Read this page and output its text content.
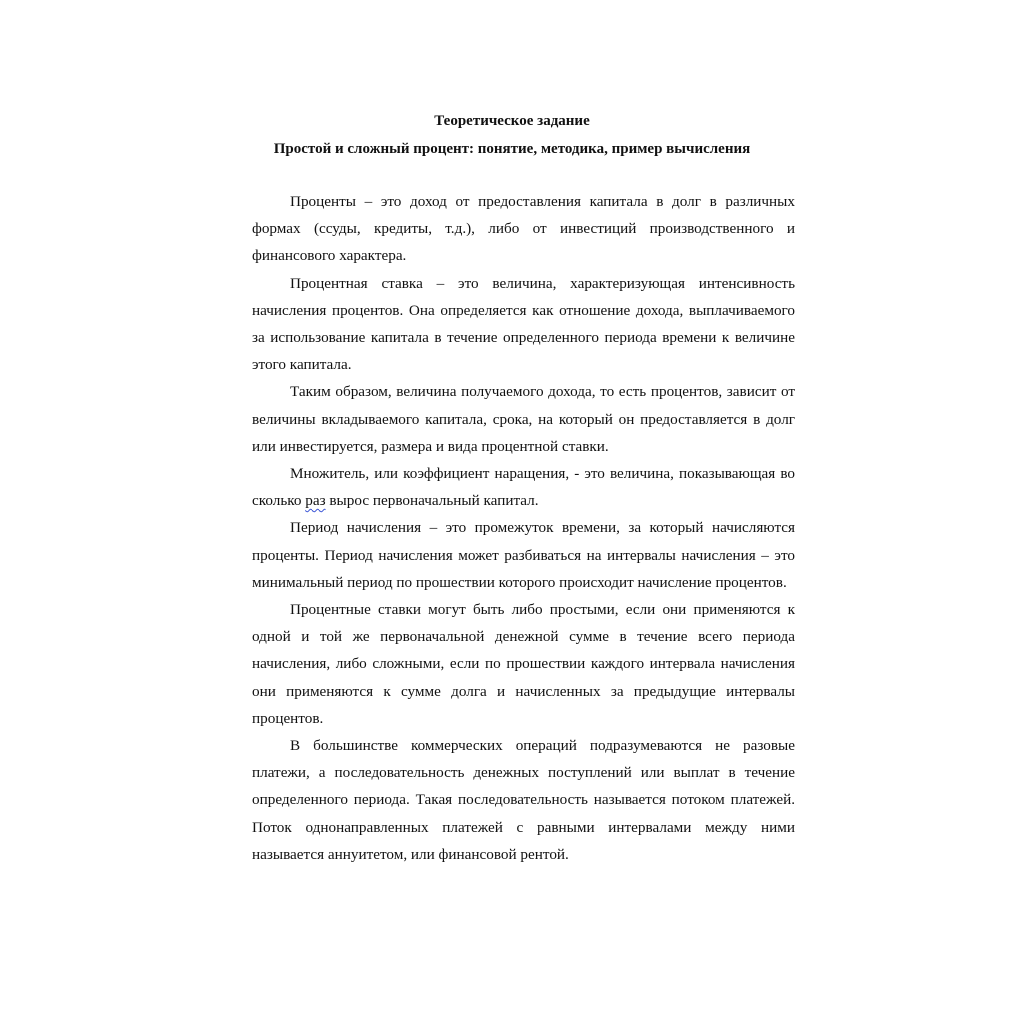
Теоретическое задание
Простой и сложный процент: понятие, методика, пример вычисления

Проценты – это доход от предоставления капитала в долг в различных формах (ссуды, кредиты, т.д.), либо от инвестиций производственного и финансового характера.

Процентная ставка – это величина, характеризующая интенсивность начисления процентов. Она определяется как отношение дохода, выплачиваемого за использование капитала в течение определенного периода времени к величине этого капитала.

Таким образом, величина получаемого дохода, то есть процентов, зависит от величины вкладываемого капитала, срока, на который он предоставляется в долг или инвестируется, размера и вида процентной ставки.

Множитель, или коэффициент наращения, - это величина, показывающая во сколько раз вырос первоначальный капитал.

Период начисления – это промежуток времени, за который начисляются проценты. Период начисления может разбиваться на интервалы начисления – это минимальный период по прошествии которого происходит начисление процентов.

Процентные ставки могут быть либо простыми, если они применяются к одной и той же первоначальной денежной сумме в течение всего периода начисления, либо сложными, если по прошествии каждого интервала начисления они применяются к сумме долга и начисленных за предыдущие интервалы процентов.

В большинстве коммерческих операций подразумеваются не разовые платежи, а последовательность денежных поступлений или выплат в течение определенного периода. Такая последовательность называется потоком платежей. Поток однонаправленных платежей с равными интервалами между ними называется аннуитетом, или финансовой рентой.
